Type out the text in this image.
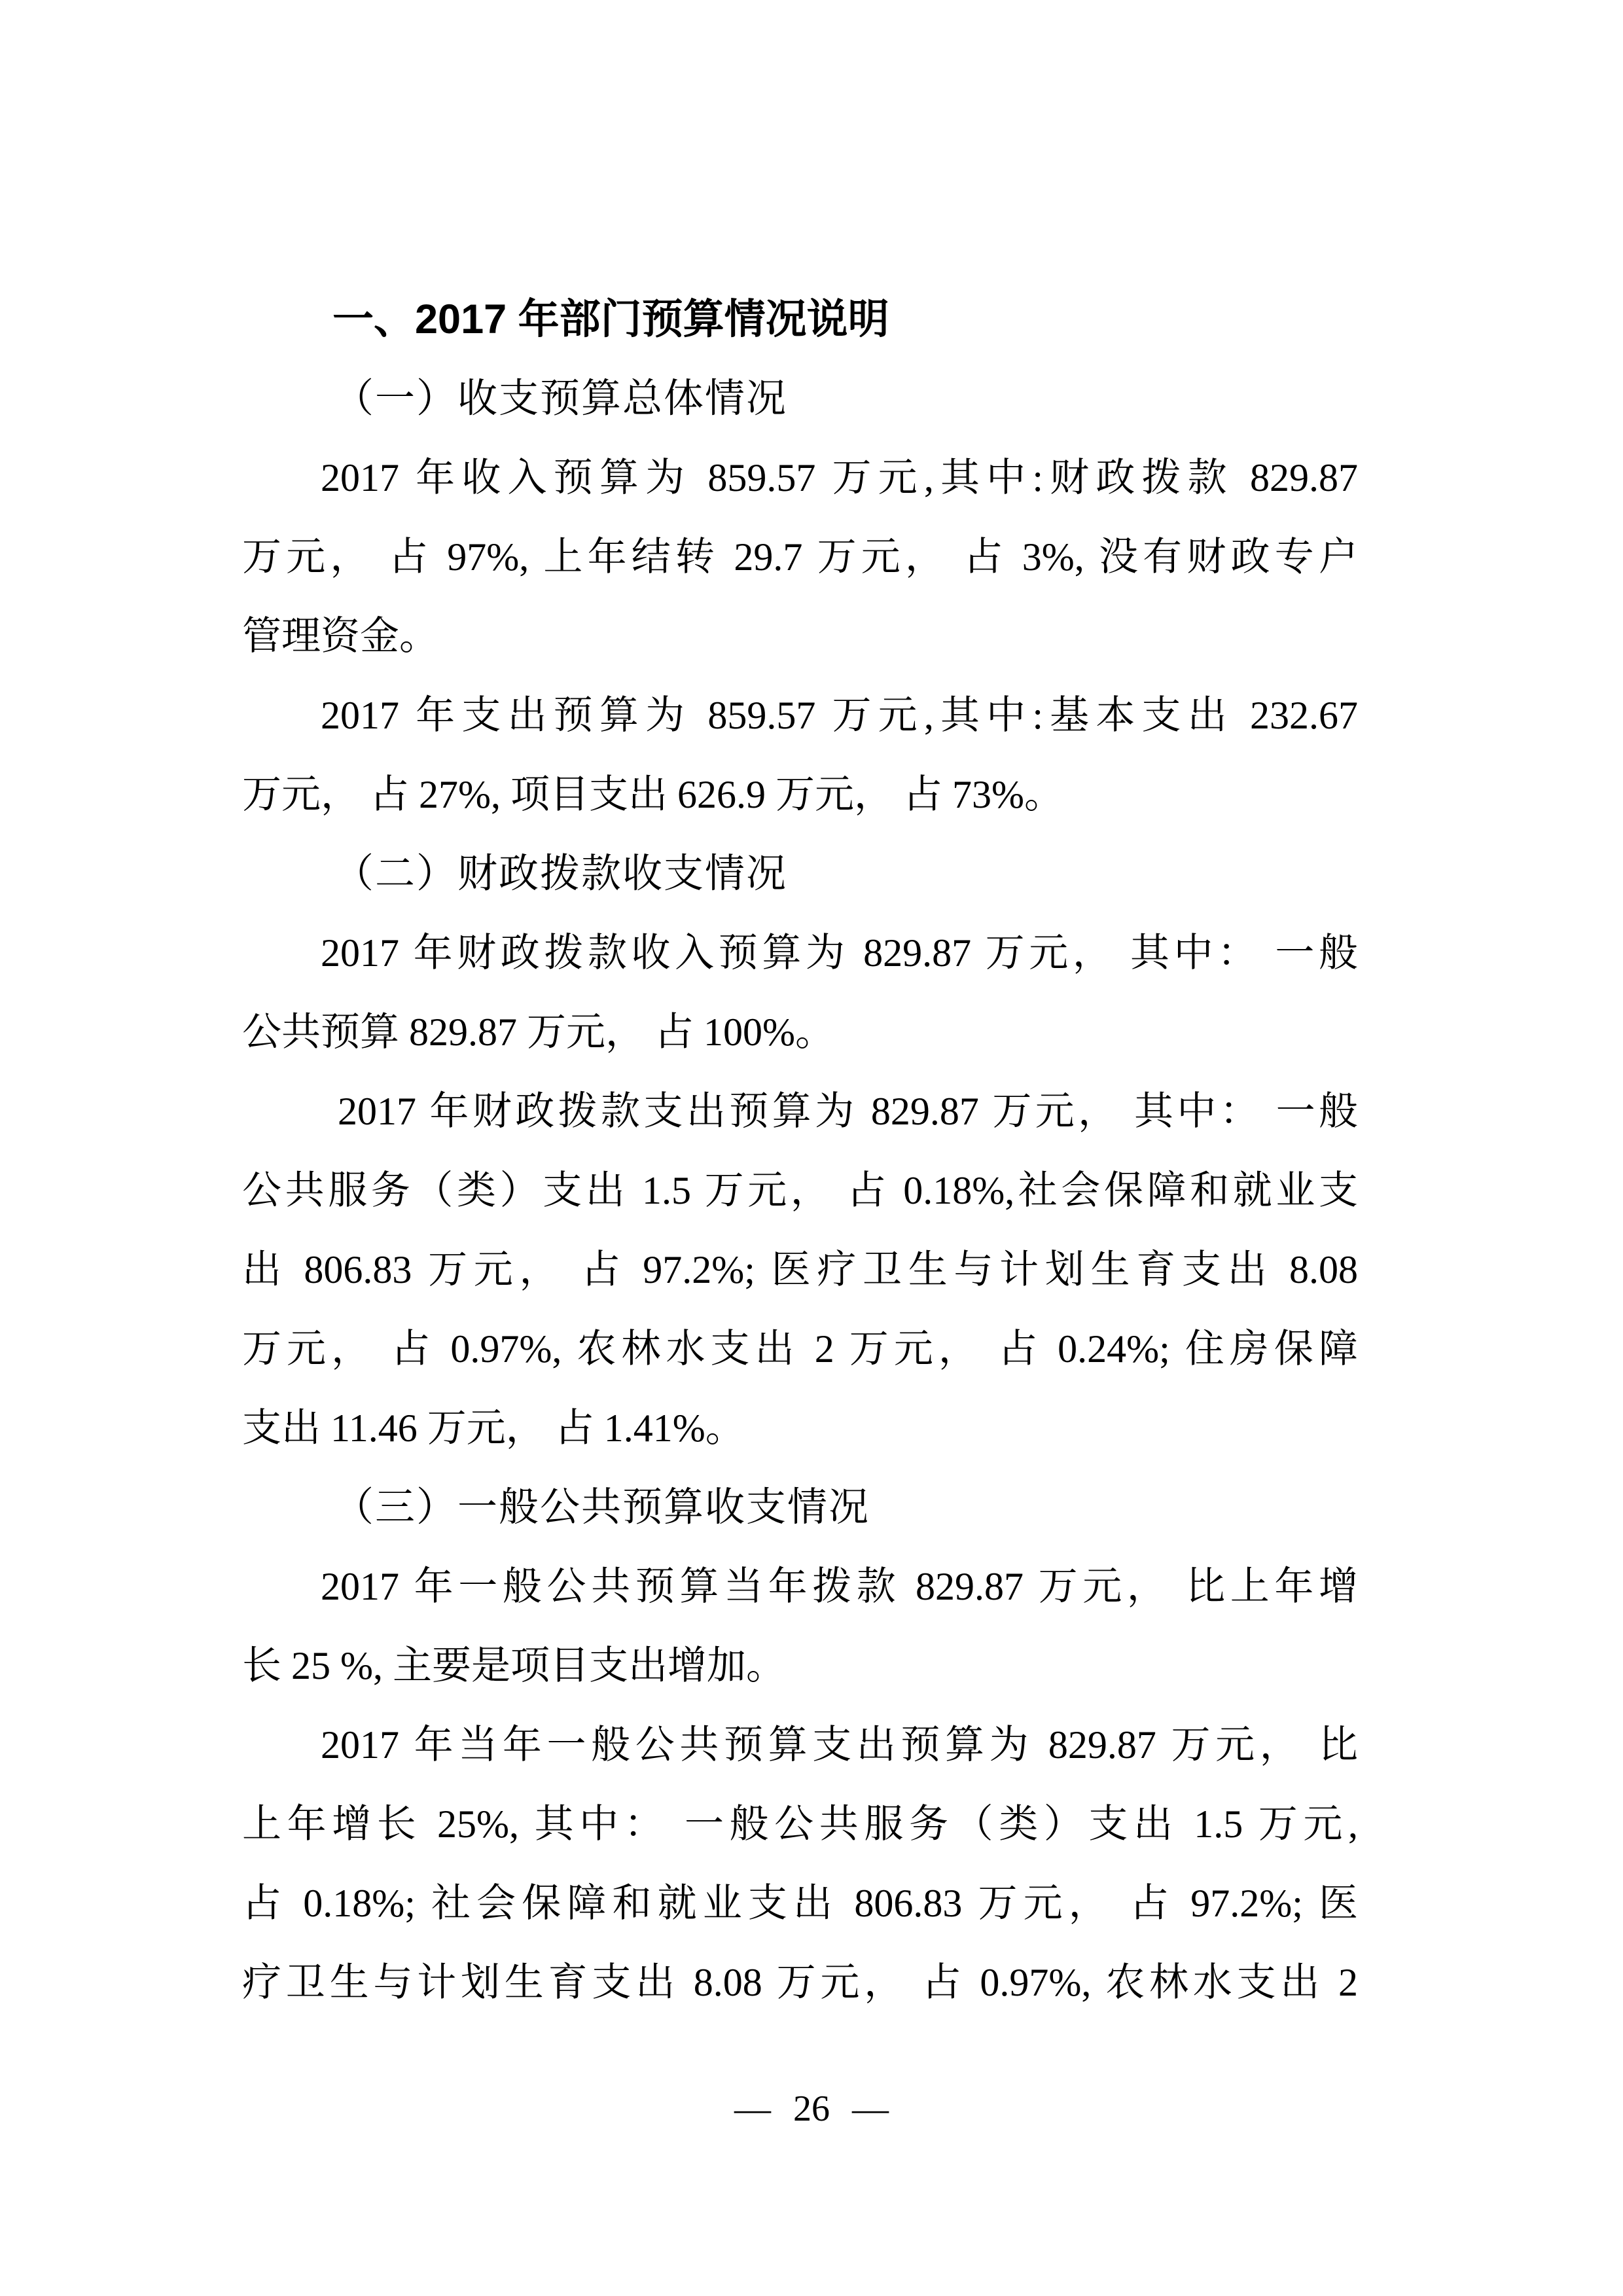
一、2017 年部门预算情况说明
（一）收支预算总体情况
2017 年收入预算为 859.57 万元,其中:财政拨款 829.87
万元， 占 97%, 上年结转 29.7 万元， 占 3%, 没有财政专户
管理资金。
2017 年支出预算为 859.57 万元,其中:基本支出 232.67
万元， 占 27%, 项目支出 626.9 万元， 占 73%。
（二）财政拨款收支情况
2017 年财政拨款收入预算为 829.87 万元， 其中： 一般
公共预算 829.87 万元， 占 100%。
2017 年财政拨款支出预算为 829.87 万元， 其中： 一般
公共服务（类）支出 1.5 万元， 占 0.18%,社会保障和就业支
出 806.83 万元， 占 97.2%; 医疗卫生与计划生育支出 8.08
万元， 占 0.97%, 农林水支出 2 万元， 占 0.24%; 住房保障
支出 11.46 万元， 占 1.41%。
（三）一般公共预算收支情况
2017 年一般公共预算当年拨款 829.87 万元， 比上年增
长 25 %, 主要是项目支出增加。
2017 年当年一般公共预算支出预算为 829.87 万元， 比
上年增长 25%, 其中： 一般公共服务（类）支出 1.5 万元,
占 0.18%; 社会保障和就业支出 806.83 万元， 占 97.2%; 医
疗卫生与计划生育支出 8.08 万元， 占 0.97%, 农林水支出 2
— 26 —
